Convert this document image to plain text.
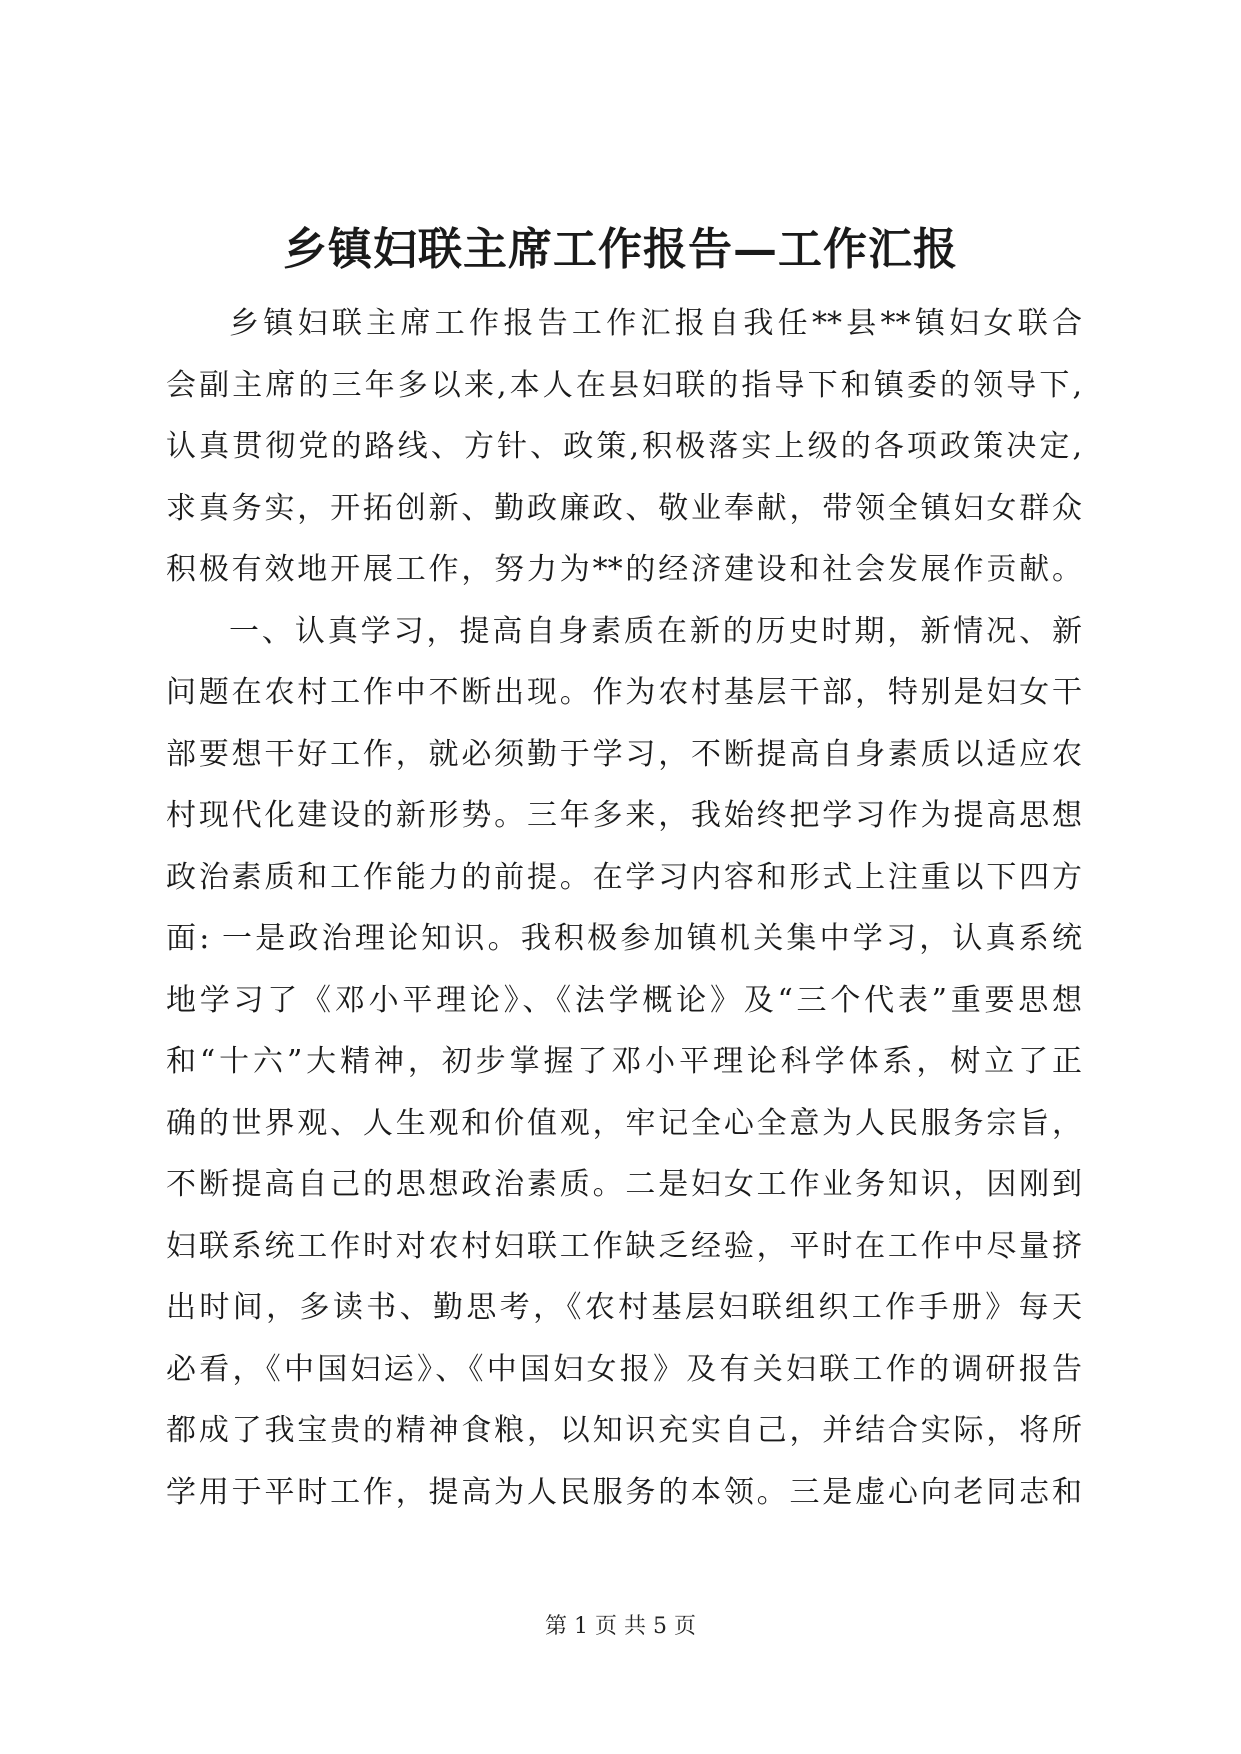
乡镇妇联主席工作报告—工作汇报
乡镇妇联主席工作报告工作汇报自我任**县**镇妇女联合
会副主席的三年多以来,本人在县妇联的指导下和镇委的领导下,
认真贯彻党的路线、方针、政策,积极落实上级的各项政策决定,
求真务实，开拓创新、勤政廉政、敬业奉献，带领全镇妇女群众
积极有效地开展工作，努力为**的经济建设和社会发展作贡献。
一、认真学习，提高自身素质在新的历史时期，新情况、新
问题在农村工作中不断出现。作为农村基层干部，特别是妇女干
部要想干好工作，就必须勤于学习，不断提高自身素质以适应农
村现代化建设的新形势。三年多来，我始终把学习作为提高思想
政治素质和工作能力的前提。在学习内容和形式上注重以下四方
面: 一是政治理论知识。我积极参加镇机关集中学习，认真系统
地学习了《邓小平理论》、《法学概论》及“三个代表”重要思想
和“十六”大精神，初步掌握了邓小平理论科学体系，树立了正
确的世界观、人生观和价值观，牢记全心全意为人民服务宗旨，
不断提高自己的思想政治素质。二是妇女工作业务知识，因刚到
妇联系统工作时对农村妇联工作缺乏经验，平时在工作中尽量挤
出时间，多读书、勤思考，《农村基层妇联组织工作手册》每天
必看，《中国妇运》、《中国妇女报》及有关妇联工作的调研报告
都成了我宝贵的精神食粮，以知识充实自己，并结合实际，将所
学用于平时工作，提高为人民服务的本领。三是虚心向老同志和
第 1 页 共 5 页
